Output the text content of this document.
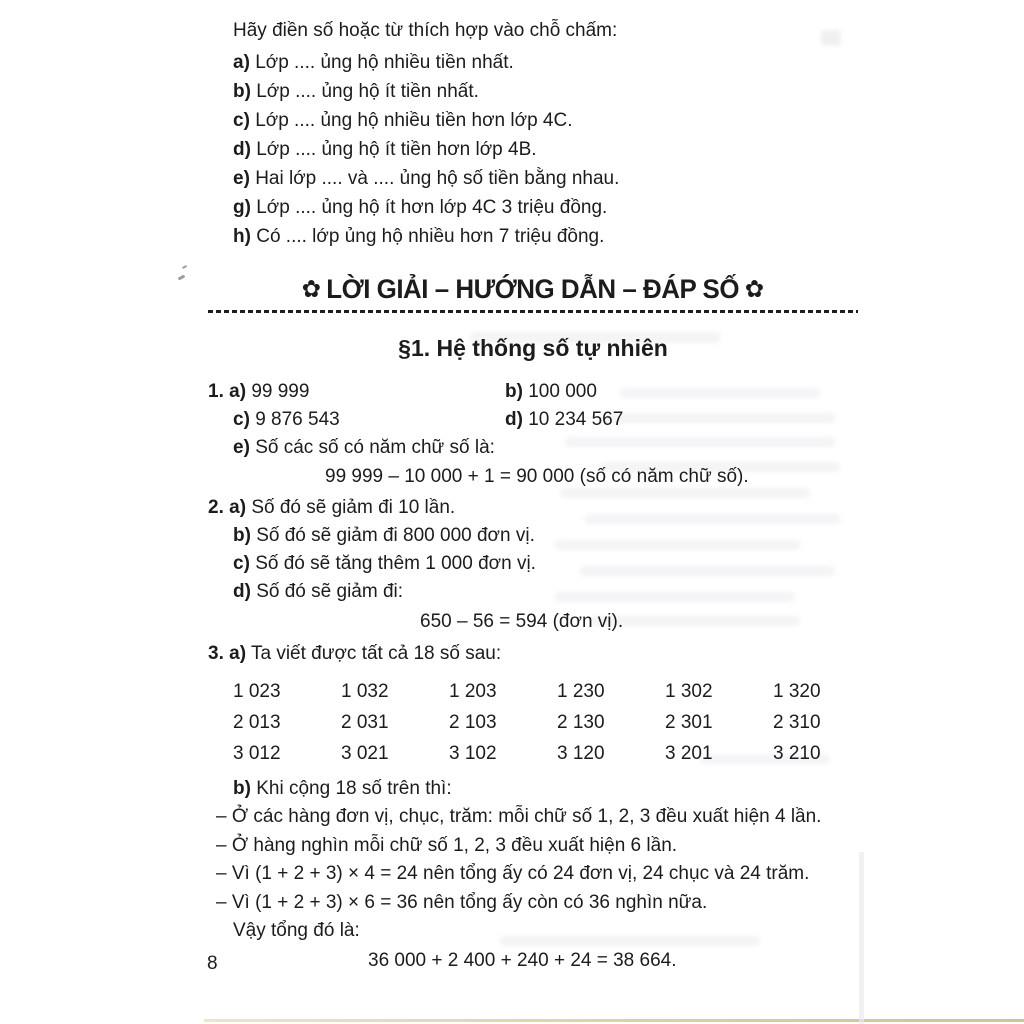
Hãy điền số hoặc từ thích hợp vào chỗ chấm:

a) Lớp .... ủng hộ nhiều tiền nhất.
b) Lớp .... ủng hộ ít tiền nhất.
c) Lớp .... ủng hộ nhiều tiền hơn lớp 4C.
d) Lớp .... ủng hộ ít tiền hơn lớp 4B.
e) Hai lớp .... và .... ủng hộ số tiền bằng nhau.
g) Lớp .... ủng hộ ít hơn lớp 4C 3 triệu đồng.
h) Có .... lớp ủng hộ nhiều hơn 7 triệu đồng.
✿ LỜI GIẢI – HƯỚNG DẪN – ĐÁP SỐ ✿
§1. Hệ thống số tự nhiên
1. a) 99 999	b) 100 000
c) 9 876 543	d) 10 234 567
e) Số các số có năm chữ số là:
99 999 – 10 000 + 1 = 90 000 (số có năm chữ số).
2. a) Số đó sẽ giảm đi 10 lần.
b) Số đó sẽ giảm đi 800 000 đơn vị.
c) Số đó sẽ tăng thêm 1 000 đơn vị.
d) Số đó sẽ giảm đi:
650 – 56 = 594 (đơn vị).
3. a) Ta viết được tất cả 18 số sau:
1 023	1 032	1 203	1 230	1 302	1 320
2 013	2 031	2 103	2 130	2 301	2 310
3 012	3 021	3 102	3 120	3 201	3 210
b) Khi cộng 18 số trên thì:
– Ở các hàng đơn vị, chục, trăm: mỗi chữ số 1, 2, 3 đều xuất hiện 4 lần.
– Ở hàng nghìn mỗi chữ số 1, 2, 3 đều xuất hiện 6 lần.
– Vì (1 + 2 + 3) × 4 = 24 nên tổng ấy có 24 đơn vị, 24 chục và 24 trăm.
– Vì (1 + 2 + 3) × 6 = 36 nên tổng ấy còn có 36 nghìn nữa.
Vậy tổng đó là:
36 000 + 2 400 + 240 + 24 = 38 664.
8
